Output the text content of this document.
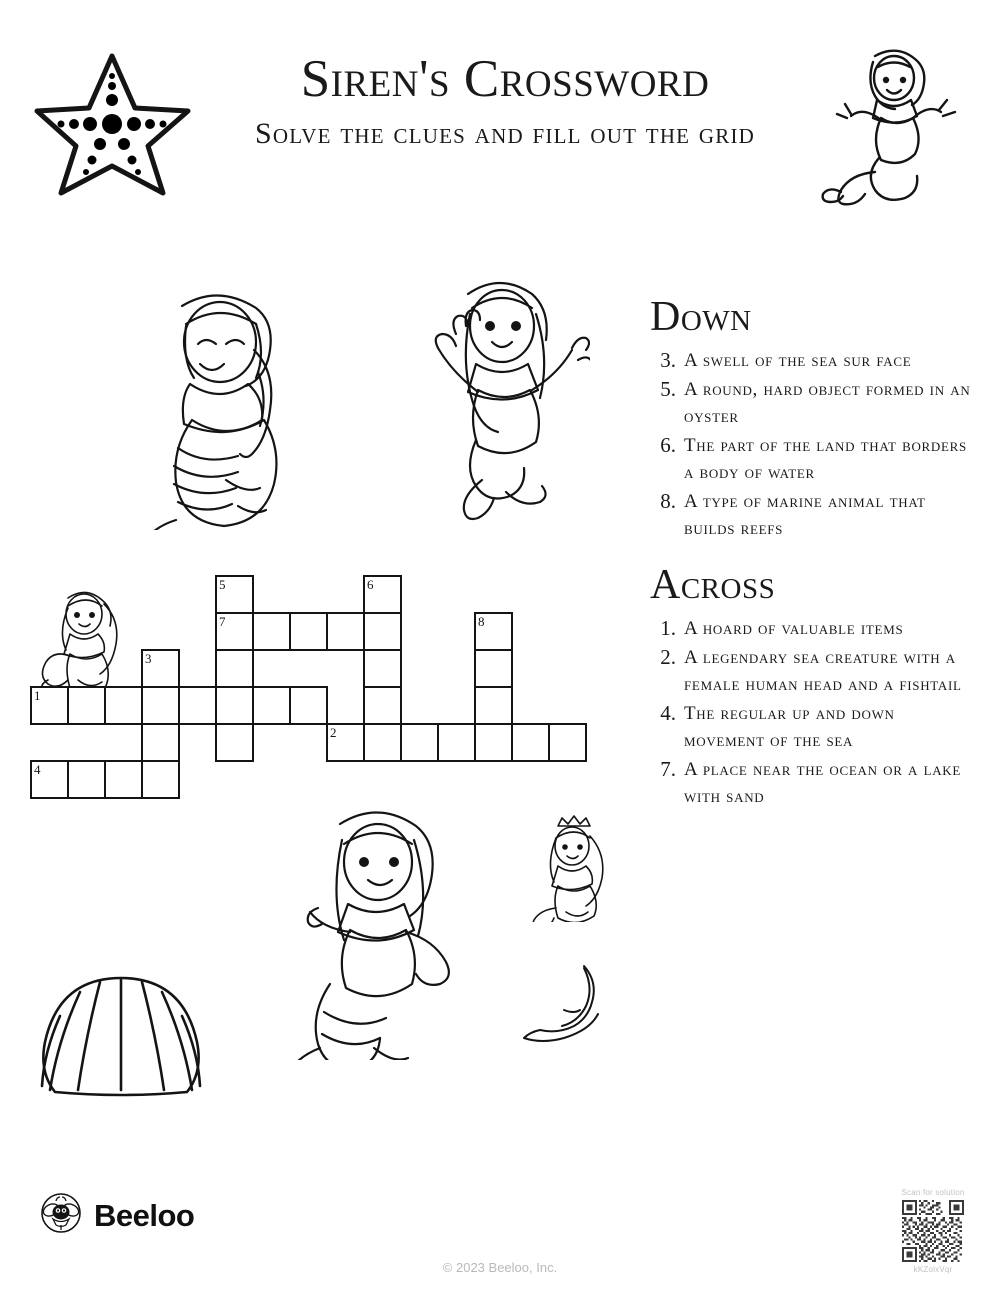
Siren's Crossword

Solve the clues and fill out the grid

1
4
3
5
7
6
8
2
Down
3. A swell of the sea sur face
5. A round, hard object formed in an oyster
6. The part of the land that borders a body of water
8. A type of marine animal that builds reefs
Across
1. A hoard of valuable items
2. A legendary sea creature with a female human head and a fishtail
4. The regular up and down movement of the sea
7. A place near the ocean or a lake with sand
Beeloo
© 2023 Beeloo, Inc.
Scan for solution
kKZolxVqr
